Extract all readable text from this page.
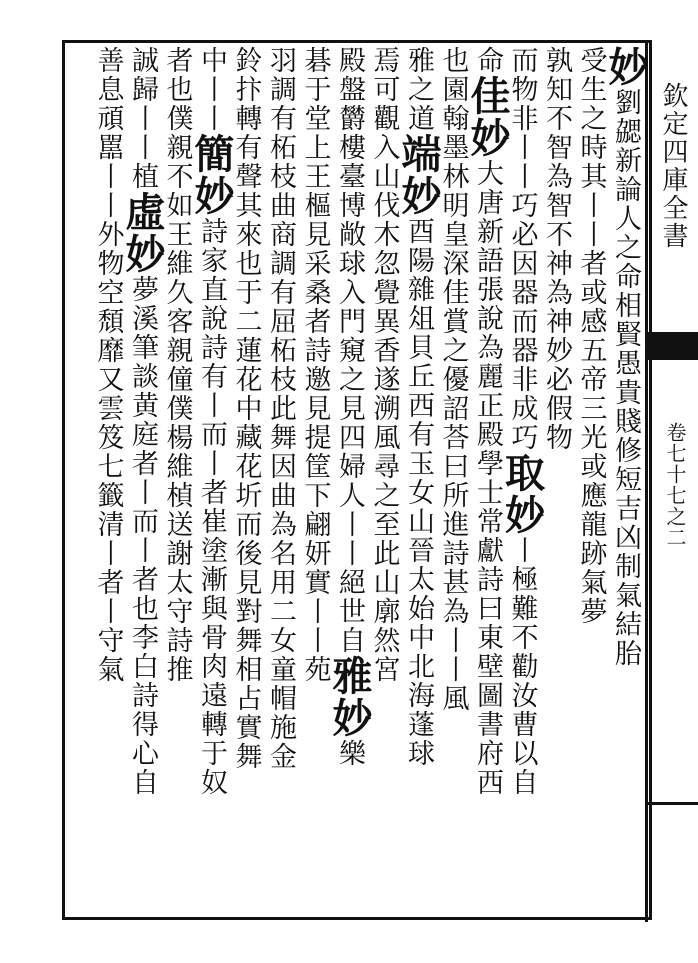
欽定四庫全書
卷七十七之二
妙劉勰新論人之命相賢愚貴賤修短吉凶制氣結胎
受生之時其丨丨者或感五帝三光或應龍跡氣夢
孰知不智為智不神為神妙必假物
而物非丨丨巧必因器而器非成巧取妙丨極難不勸汝曹以自
命佳妙大唐新語張說為麗正殿學士常獻詩曰東壁圖書府西
也園翰墨林明皇深佳賞之優詔荅曰所進詩甚為丨丨風
雅之道端妙酉陽雜俎貝丘西有玉女山晉太始中北海蓬球
焉可觀入山伐木忽覺異香遂溯風尋之至此山廓然宮
殿盤欝樓臺博敞球入門窺之見四婦人丨丨絕世自雅妙樂
碁于堂上王樞見采桑者詩邀見提筐下翩妍實丨丨苑
羽調有柘枝曲商調有屈柘枝此舞因曲為名用二女童帽施金
鈴抃轉有聲其來也于二蓮花中藏花圻而後見對舞相占實舞
中丨丨簡妙詩家直說詩有丨而丨者崔塗漸與骨肉遠轉于奴
者也僕親不如王維久客親僮僕楊維楨送謝太守詩推
誠歸丨丨植虛妙夢溪筆談黄庭者丨而丨者也李白詩得心自
善息頑嚚丨丨外物空頹靡又雲笈七籤清丨者丨守氣
